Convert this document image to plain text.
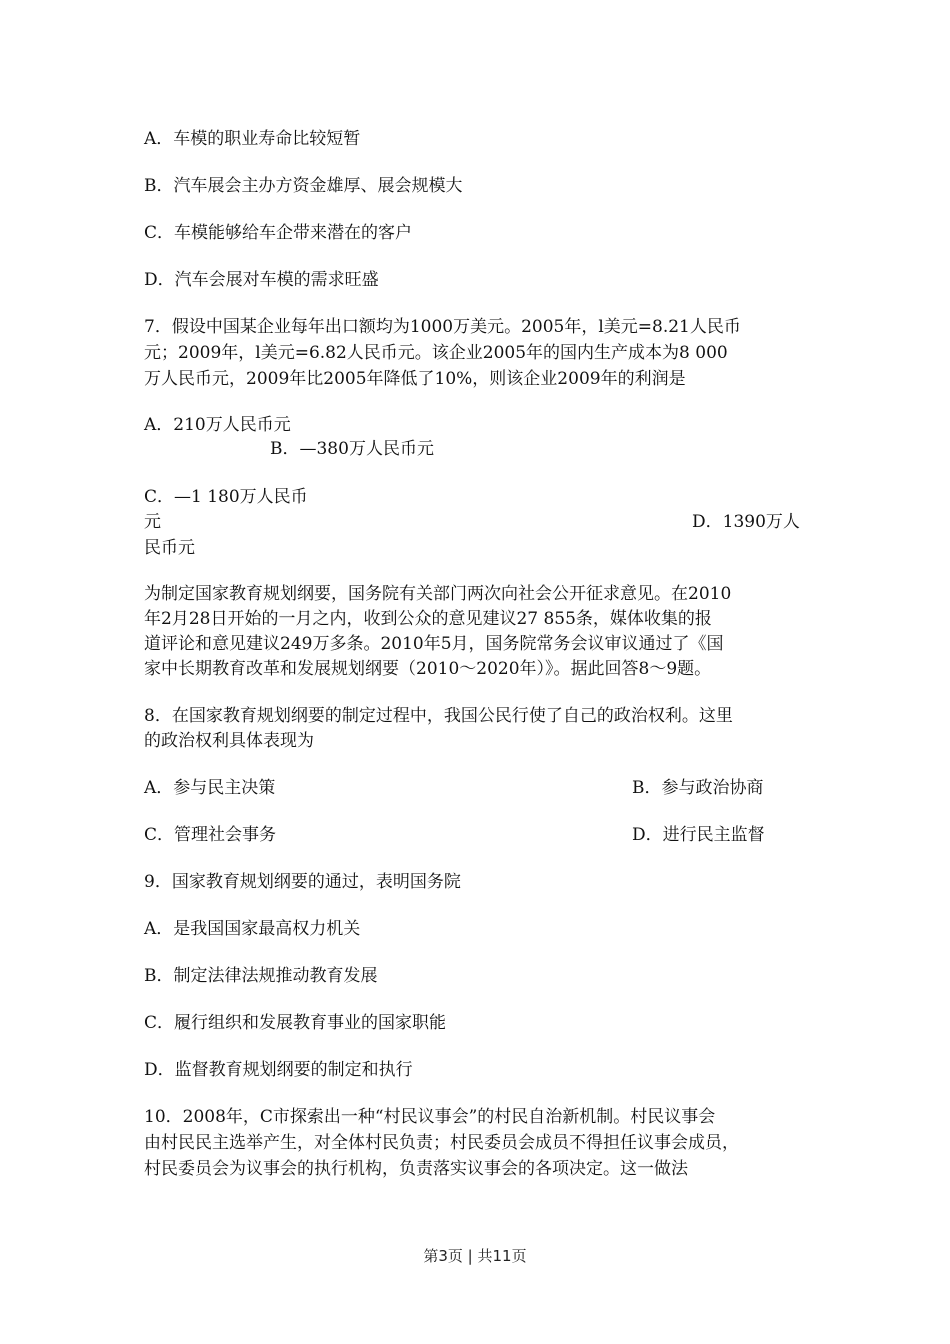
A．车模的职业寿命比较短暂
B．汽车展会主办方资金雄厚、展会规模大
C．车模能够给车企带来潜在的客户
D．汽车会展对车模的需求旺盛
7．假设中国某企业每年出口额均为1000万美元。2005年，l美元=8.21人民币
元；2009年，l美元=6.82人民币元。该企业2005年的国内生产成本为8 000
万人民币元，2009年比2005年降低了10%，则该企业2009年的利润是
A．210万人民币元
B．—380万人民币元
C．—1 180万人民币
元	D．1390万人
民币元
为制定国家教育规划纲要，国务院有关部门两次向社会公开征求意见。在2010
年2月28日开始的一月之内，收到公众的意见建议27 855条，媒体收集的报
道评论和意见建议249万多条。2010年5月，国务院常务会议审议通过了《国
家中长期教育改革和发展规划纲要（2010～2020年）》。据此回答8～9题。
8．在国家教育规划纲要的制定过程中，我国公民行使了自己的政治权利。这里
的政治权利具体表现为
A．参与民主决策	B．参与政治协商
C．管理社会事务	D．进行民主监督
9．国家教育规划纲要的通过，表明国务院
A．是我国国家最高权力机关
B．制定法律法规推动教育发展
C．履行组织和发展教育事业的国家职能
D．监督教育规划纲要的制定和执行
10．2008年，C市探索出一种“村民议事会”的村民自治新机制。村民议事会
由村民民主选举产生，对全体村民负责；村民委员会成员不得担任议事会成员，
村民委员会为议事会的执行机构，负责落实议事会的各项决定。这一做法
第3页 | 共11页
